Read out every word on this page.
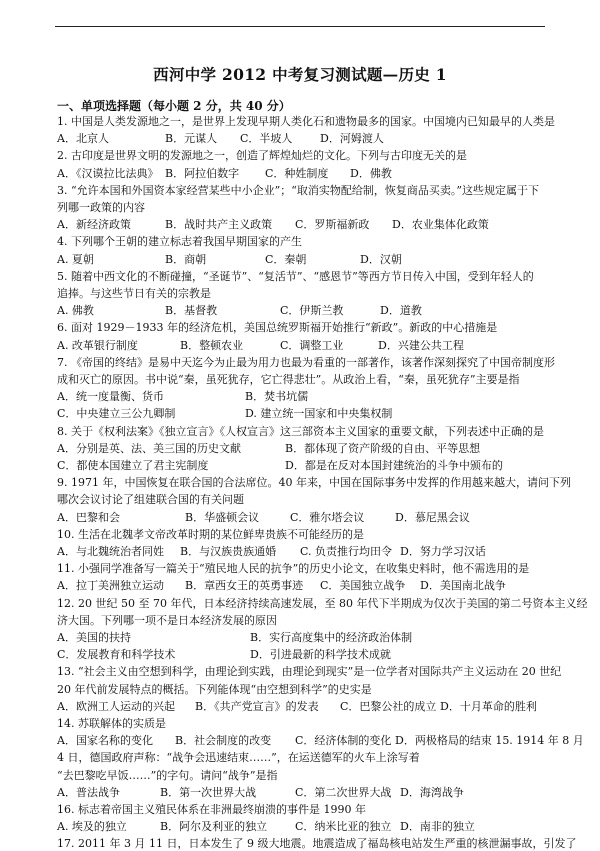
西河中学 2012 中考复习测试题—历史 1
一、单项选择题（每小题 2 分，共 40 分）
1. 中国是人类发源地之一，是世界上发现早期人类化石和遗物最多的国家。中国境内已知最早的人类是
2. 古印度是世界文明的发源地之一，创造了辉煌灿烂的文化。下列与古印度无关的是
3. “允许本国和外国资本家经营某些中小企业”；“取消实物配给制，恢复商品买卖。”这些规定属于下
列哪一政策的内容
4. 下列哪个王朝的建立标志着我国早期国家的产生
5. 随着中西文化的不断碰撞，“圣诞节”、“复活节”、“感恩节”等西方节日传入中国，受到年轻人的
追捧。与这些节日有关的宗教是
6. 面对 1929－1933 年的经济危机，美国总统罗斯福开始推行“新政”。新政的中心措施是
7. 《帝国的终结》是易中天迄今为止最为用力也最为看重的一部著作，该著作深刻探究了中国帝制度形
成和灭亡的原因。书中说“秦，虽死犹存，它亡得悲壮”。从政治上看，“秦，虽死犹存”主要是指
8. 关于《权利法案》《独立宣言》《人权宣言》这三部资本主义国家的重要文献，下列表述中正确的是
9. 1971 年，中国恢复在联合国的合法席位。40 年来，中国在国际事务中发挥的作用越来越大，请问下列
哪次会议讨论了组建联合国的有关问题
10. 生活在北魏孝文帝改革时期的某位鲜卑贵族不可能经历的是
11. 小强同学准备写一篇关于“殖民地人民的抗争”的历史小论文，在收集史料时，他不需选用的是
12. 20 世纪 50 至 70 年代，日本经济持续高速发展，至 80 年代下半期成为仅次于美国的第二号资本主义经
济大国。下列哪一项不是日本经济发展的原因
13. “社会主义由空想到科学，由理论到实践，由理论到现实”是一位学者对国际共产主义运动在 20 世纪
20 年代前发展特点的概括。下列能体现“由空想到科学”的史实是
14. 苏联解体的实质是
4 日，德国政府声称：“战争会迅速结束……”，在运送德军的火车上涂写着
“去巴黎吃早饭……”的字句。请问“战争”是指
16. 标志着帝国主义殖民体系在非洲最终崩溃的事件是 1990 年
17. 2011 年 3 月 11 日，日本发生了 9 级大地震。地震造成了福岛核电站发生严重的核泄漏事故，引发了
A．北京人	B．元谋人 C．半坡人	D．河姆渡人
A．《汉谟拉比法典》 B．阿拉伯数字 C．种姓制度 D．佛教
A．新经济政策	B．战时共产主义政策 C．罗斯福新政 D．农业集体化政策
A. 夏朝	B．商朝	C．秦朝	D．汉朝
A. 佛教	B．基督教	C．伊斯兰教	D．道教
A. 改革银行制度	B．整顿农业	C．调整工业	D．兴建公共工程
A．统一度量衡、货币	B．焚书坑儒
C．中央建立三公九卿制	D. 建立统一国家和中央集权制
A．分别是英、法、美三国的历史文献	B．都体现了资产阶级的自由、平等思想
C．都使本国建立了君主宪制度	D．都是在反对本国封建统治的斗争中颁布的
A．巴黎和会	B．华盛顿会议	C．雅尔塔会议	D．慕尼黑会议
A．与北魏统治者同姓 B．与汉族贵族通婚 C. 负责推行均田令 D．努力学习汉话
A．拉丁美洲独立运动 B．章西女王的英勇事迹 C．美国独立战争 D．美国南北战争
A．美国的扶持	B．实行高度集中的经济政治体制
C．发展教育和科学技术	D．引进最新的科学技术成就
A．欧洲工人运动的兴起 B．《共产党宣言》的发表 C．巴黎公社的成立 D．十月革命的胜利
A．国家名称的变化 B．社会制度的改变 C．经济体制的变化 D．两极格局的结束 15. 1914 年 8 月
A．普法战争	B．第一次世界大战	C．第二次世界大战 D．海湾战争
A. 埃及的独立	B．阿尔及利亚的独立	C．纳米比亚的独立 D．南非的独立
